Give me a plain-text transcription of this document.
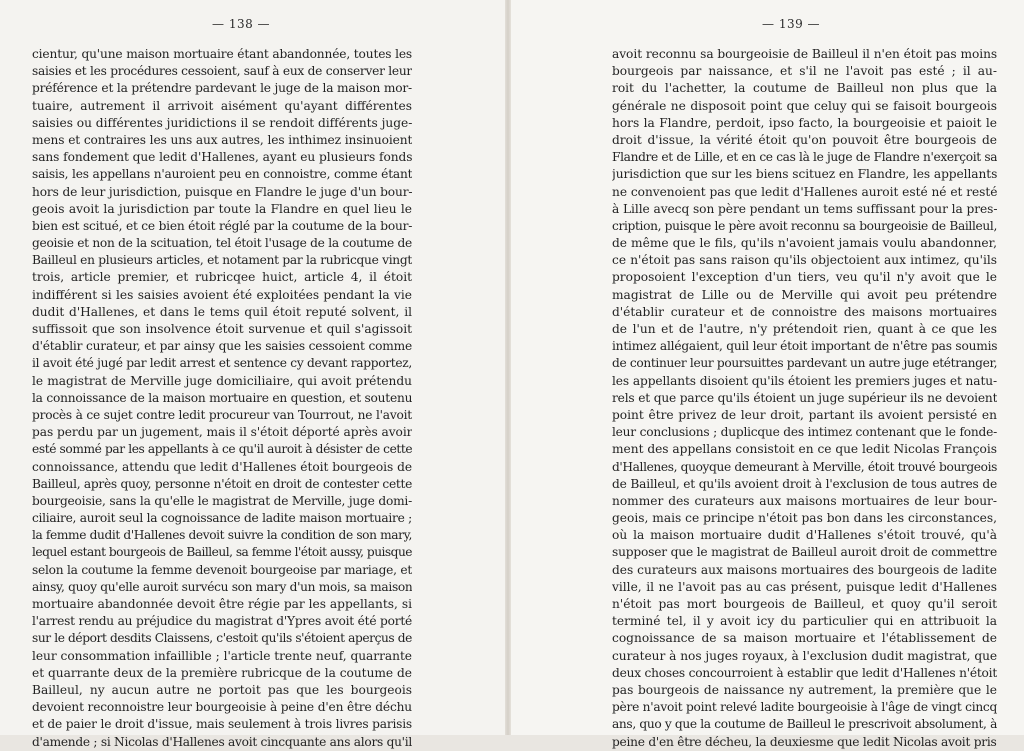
— 138 —
cientur, qu'une maison mortuaire étant abandonnée, toutes les
saisies et les procédures cessoient, sauf à eux de conserver leur
préférence et la prétendre pardevant le juge de la maison mor-
tuaire, autrement il arrivoit aisément qu'ayant différentes
saisies ou différentes juridictions il se rendoit différents juge-
mens et contraires les uns aux autres, les inthimez insinuoient
sans fondement que ledit d'Hallenes, ayant eu plusieurs fonds
saisis, les appellans n'auroient peu en connoistre, comme étant
hors de leur jurisdiction, puisque en Flandre le juge d'un bour-
geois avoit la jurisdiction par toute la Flandre en quel lieu le
bien est scitué, et ce bien étoit réglé par la coutume de la bour-
geoisie et non de la scituation, tel étoit l'usage de la coutume de
Bailleul en plusieurs articles, et notament par la rubricque vingt
trois, article premier, et rubricqee huict, article 4, il étoit
indifférent si les saisies avoient été exploitées pendant la vie
dudit d'Hallenes, et dans le tems quil étoit reputé solvent, il
suffissoit que son insolvence étoit survenue et quil s'agissoit
d'établir curateur, et par ainsy que les saisies cessoient comme
il avoit été jugé par ledit arrest et sentence cy devant rapportez,
le magistrat de Merville juge domiciliaire, qui avoit prétendu
la connoissance de la maison mortuaire en question, et soutenu
procès à ce sujet contre ledit procureur van Tourrout, ne l'avoit
pas perdu par un jugement, mais il s'étoit déporté après avoir
esté sommé par les appellants à ce qu'il auroit à désister de cette
connoissance, attendu que ledit d'Hallenes étoit bourgeois de
Bailleul, après quoy, personne n'étoit en droit de contester cette
bourgeoisie, sans la qu'elle le magistrat de Merville, juge domi-
ciliaire, auroit seul la cognoissance de ladite maison mortuaire ;
la femme dudit d'Hallenes devoit suivre la condition de son mary,
lequel estant bourgeois de Bailleul, sa femme l'étoit aussy, puisque
selon la coutume la femme devenoit bourgeoise par mariage, et
ainsy, quoy qu'elle auroit survécu son mary d'un mois, sa maison
mortuaire abandonnée devoit être régie par les appellants, si
l'arrest rendu au préjudice du magistrat d'Ypres avoit été porté
sur le déport desdits Claissens, c'estoit qu'ils s'étoient aperçus de
leur consommation infaillible ; l'article trente neuf, quarrante
et quarrante deux de la première rubricque de la coutume de
Bailleul, ny aucun autre ne portoit pas que les bourgeois
devoient reconnoistre leur bourgeoisie à peine d'en être déchu
et de paier le droit d'issue, mais seulement à trois livres parisis
d'amende ; si Nicolas d'Hallenes avoit cincquante ans alors qu'il
— 139 —
avoit reconnu sa bourgeoisie de Bailleul il n'en étoit pas moins
bourgeois par naissance, et s'il ne l'avoit pas esté ; il au-
roit du l'achetter, la coutume de Bailleul non plus que la
générale ne disposoit point que celuy qui se faisoit bourgeois
hors la Flandre, perdoit, ipso facto, la bourgeoisie et paioit le
droit d'issue, la vérité étoit qu'on pouvoit être bourgeois de
Flandre et de Lille, et en ce cas là le juge de Flandre n'exerçoit sa
jurisdiction que sur les biens scituez en Flandre, les appellants
ne convenoient pas que ledit d'Hallenes auroit esté né et resté
à Lille avecq son père pendant un tems suffissant pour la pres-
cription, puisque le père avoit reconnu sa bourgeoisie de Bailleul,
de même que le fils, qu'ils n'avoient jamais voulu abandonner,
ce n'étoit pas sans raison qu'ils objectoient aux intimez, qu'ils
proposoient l'exception d'un tiers, veu qu'il n'y avoit que le
magistrat de Lille ou de Merville qui avoit peu prétendre
d'établir curateur et de connoistre des maisons mortuaires
de l'un et de l'autre, n'y prétendoit rien, quant à ce que les
intimez allégaient, quil leur étoit important de n'être pas soumis
de continuer leur poursuittes pardevant un autre juge etétranger,
les appellants disoient qu'ils étoient les premiers juges et natu-
rels et que parce qu'ils étoient un juge supérieur ils ne devoient
point être privez de leur droit, partant ils avoient persisté en
leur conclusions ; duplicque des intimez contenant que le fonde-
ment des appellans consistoit en ce que ledit Nicolas François
d'Hallenes, quoyque demeurant à Merville, étoit trouvé bourgeois
de Bailleul, et qu'ils avoient droit à l'exclusion de tous autres de
nommer des curateurs aux maisons mortuaires de leur bour-
geois, mais ce principe n'étoit pas bon dans les circonstances,
où la maison mortuaire dudit d'Hallenes s'étoit trouvé, qu'à
supposer que le magistrat de Bailleul auroit droit de commettre
des curateurs aux maisons mortuaires des bourgeois de ladite
ville, il ne l'avoit pas au cas présent, puisque ledit d'Hallenes
n'étoit pas mort bourgeois de Bailleul, et quoy qu'il seroit
terminé tel, il y avoit icy du particulier qui en attribuoit la
cognoissance de sa maison mortuaire et l'établissement de
curateur à nos juges royaux, à l'exclusion dudit magistrat, que
deux choses concourroient à establir que ledit d'Hallenes n'étoit
pas bourgeois de naissance ny autrement, la première que le
père n'avoit point relevé ladite bourgeoisie à l'âge de vingt cincq
ans, quo y que la coutume de Bailleul le prescrivoit absolument, à
peine d'en être décheu, la deuxiesme que ledit Nicolas avoit pris
